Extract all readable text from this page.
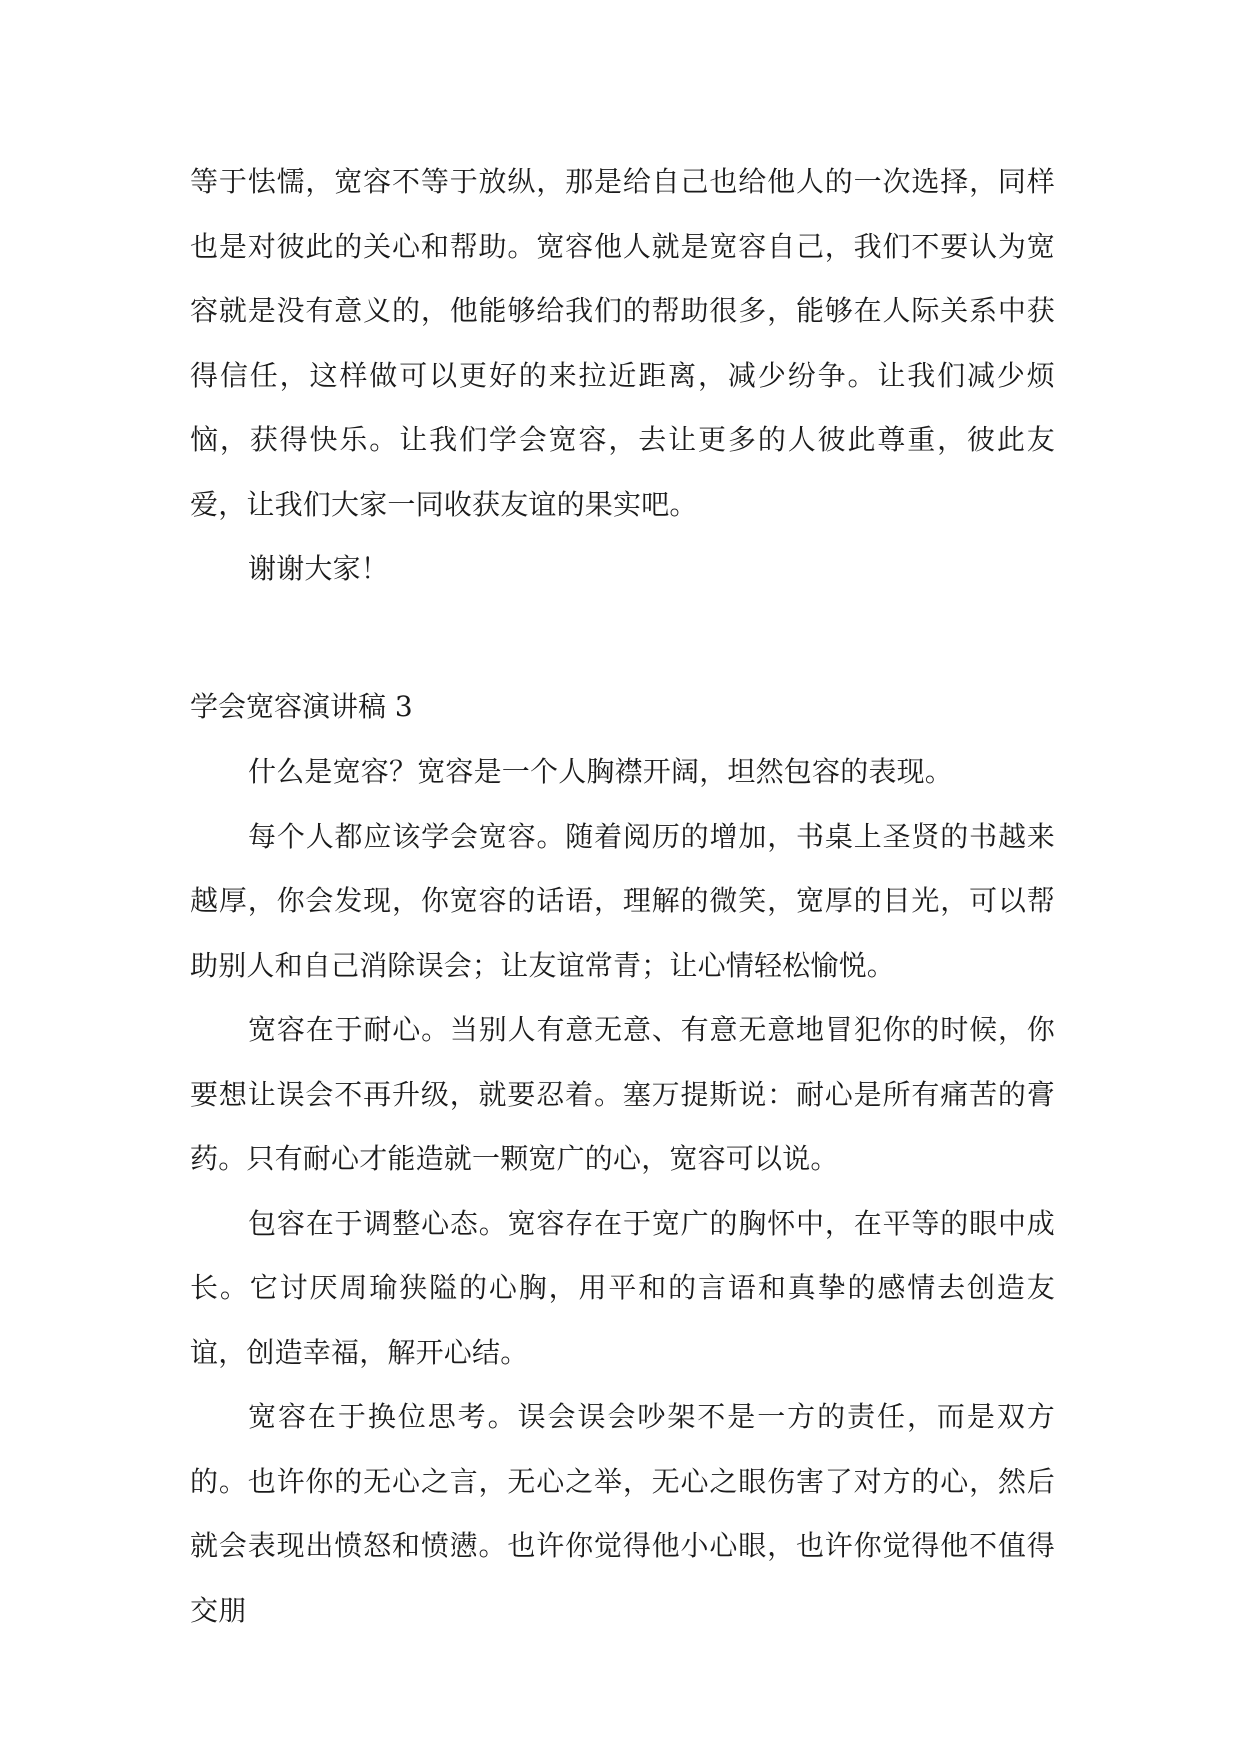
等于怯懦，宽容不等于放纵，那是给自己也给他人的一次选择，同样也是对彼此的关心和帮助。宽容他人就是宽容自己，我们不要认为宽容就是没有意义的，他能够给我们的帮助很多，能够在人际关系中获得信任，这样做可以更好的来拉近距离，减少纷争。让我们减少烦恼，获得快乐。让我们学会宽容，去让更多的人彼此尊重，彼此友爱，让我们大家一同收获友谊的果实吧。

谢谢大家！

学会宽容演讲稿 3

什么是宽容？宽容是一个人胸襟开阔，坦然包容的表现。

每个人都应该学会宽容。随着阅历的增加，书桌上圣贤的书越来越厚，你会发现，你宽容的话语，理解的微笑，宽厚的目光，可以帮助别人和自己消除误会；让友谊常青；让心情轻松愉悦。

宽容在于耐心。当别人有意无意、有意无意地冒犯你的时候，你要想让误会不再升级，就要忍着。塞万提斯说：耐心是所有痛苦的膏药。只有耐心才能造就一颗宽广的心，宽容可以说。

包容在于调整心态。宽容存在于宽广的胸怀中，在平等的眼中成长。它讨厌周瑜狭隘的心胸，用平和的言语和真挚的感情去创造友谊，创造幸福，解开心结。

宽容在于换位思考。误会误会吵架不是一方的责任，而是双方的。也许你的无心之言，无心之举，无心之眼伤害了对方的心，然后就会表现出愤怒和愤懑。也许你觉得他小心眼，也许你觉得他不值得交朋
